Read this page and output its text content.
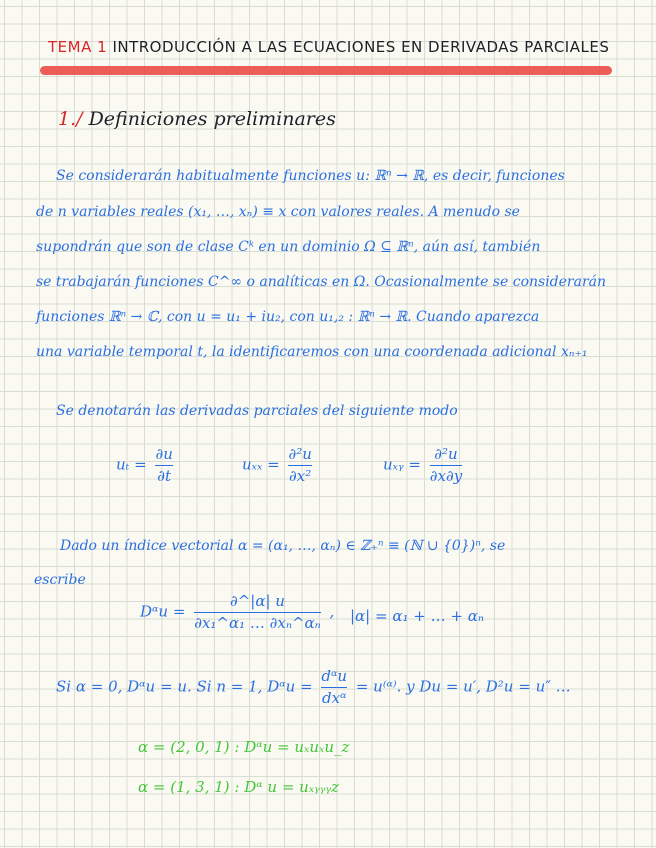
TEMA 1 INTRODUCCIÓN A LAS ECUACIONES EN DERIVADAS PARCIALES
1./ Definiciones preliminares
Se considerarán habitualmente funciones u: ℝⁿ → ℝ, es decir, funciones
de n variables reales (x₁, …, xₙ) ≡ x con valores reales. A menudo se
supondrán que son de clase Cᵏ en un dominio Ω ⊆ ℝⁿ, aún así, también
se trabajarán funciones C^∞ o analíticas en Ω. Ocasionalmente se considerarán
funciones ℝⁿ → ℂ, con u = u₁ + iu₂, con u₁,₂ : ℝⁿ → ℝ. Cuando aparezca
una variable temporal t, la identificaremos con una coordenada adicional xₙ₊₁
Se denotarán las derivadas parciales del siguiente modo
$u_t = \frac{\partial u}{\partial t}$	$u_{xx} = \frac{\text{∂²u}}{\text{∂x²}}$	uₓᵧ = $\frac{\text{∂²u}}{\partial x\partial y}$
Dado un índice vectorial α = (α₁, …, αₙ) ∈ ℤ₊ⁿ ≡ (ℕ ∪ {0})ⁿ, se
escribe
Dᵅu = $\frac{\partial\^{}|\alpha| u}{\text{∂x₁\textasciicircum{}α₁ … ∂xₙ\textasciicircum{}αₙ}}$ , |α| = α₁ + … + αₙ
Si α = 0, Dᵅu = u. Si n = 1, Dᵅu = $\frac{\text{dᵅu}}{\text{dxᵅ}}$ = u⁽ᵅ⁾. y Du = u′, D²u = u″ …
α = (2, 0, 1) : Dᵅu = uₓuₓu_z
α = (1, 3, 1) : Dᵅ u = uₓᵧᵧᵧz
